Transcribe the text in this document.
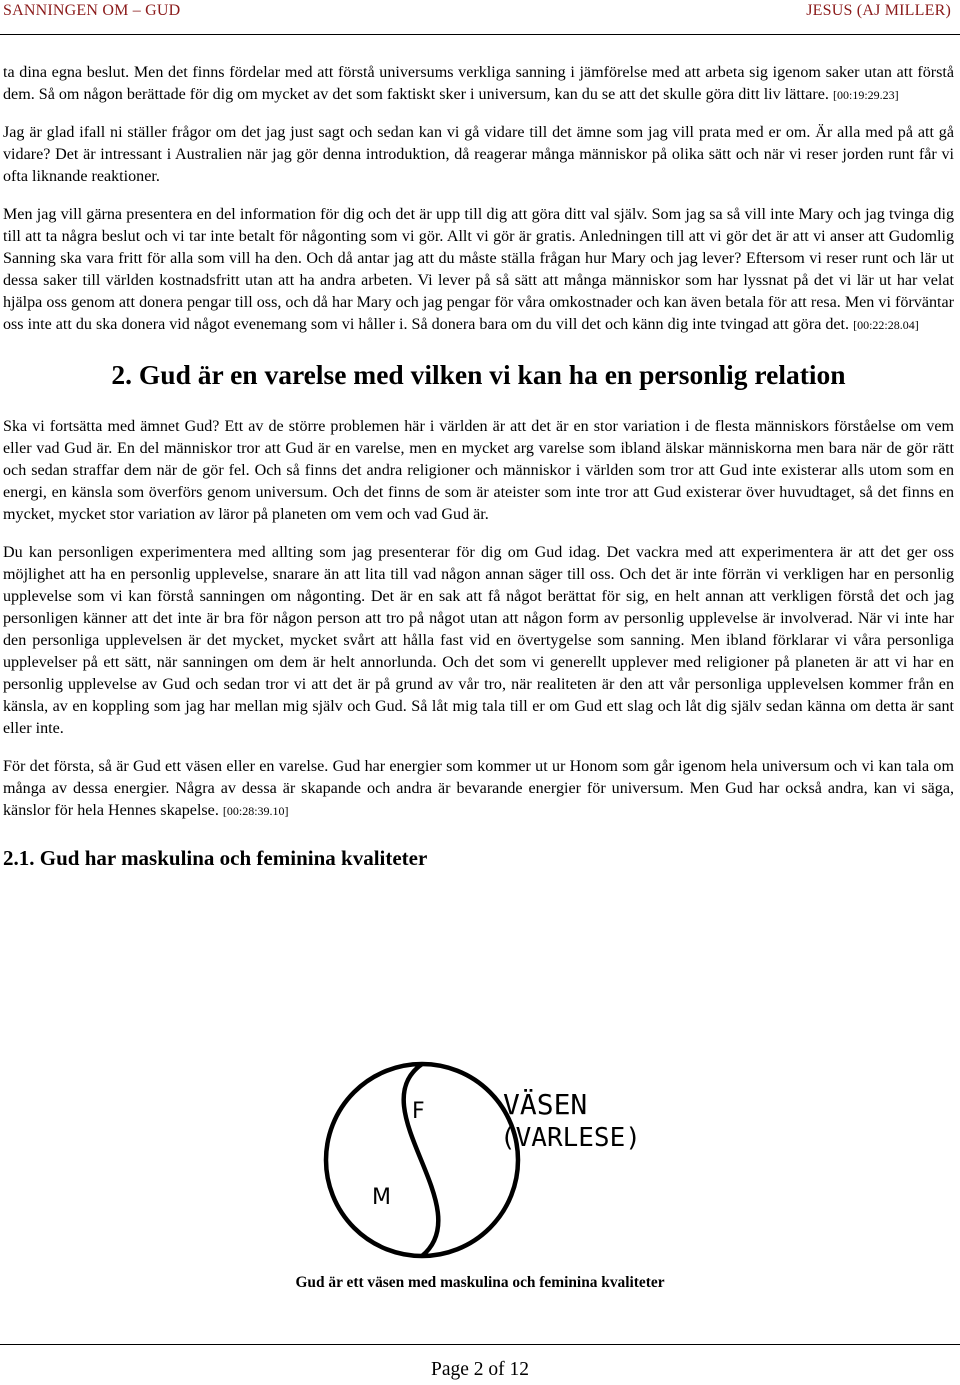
SANNINGEN OM – GUD	JESUS (AJ MILLER)

ta dina egna beslut. Men det finns fördelar med att förstå universums verkliga sanning i jämförelse med att arbeta sig igenom saker utan att förstå dem. Så om någon berättade för dig om mycket av det som faktiskt sker i universum, kan du se att det skulle göra ditt liv lättare. [00:19:29.23]

Jag är glad ifall ni ställer frågor om det jag just sagt och sedan kan vi gå vidare till det ämne som jag vill prata med er om. Är alla med på att gå vidare? Det är intressant i Australien när jag gör denna introduktion, då reagerar många människor på olika sätt och när vi reser jorden runt får vi ofta liknande reaktioner.

Men jag vill gärna presentera en del information för dig och det är upp till dig att göra ditt val själv. Som jag sa så vill inte Mary och jag tvinga dig till att ta några beslut och vi tar inte betalt för någonting som vi gör. Allt vi gör är gratis. Anledningen till att vi gör det är att vi anser att Gudomlig Sanning ska vara fritt för alla som vill ha den. Och då antar jag att du måste ställa frågan hur Mary och jag lever? Eftersom vi reser runt och lär ut dessa saker till världen kostnadsfritt utan att ha andra arbeten. Vi lever på så sätt att många människor som har lyssnat på det vi lär ut har velat hjälpa oss genom att donera pengar till oss, och då har Mary och jag pengar för våra omkostnader och kan även betala för att resa. Men vi förväntar oss inte att du ska donera vid något evenemang som vi håller i. Så donera bara om du vill det och känn dig inte tvingad att göra det. [00:22:28.04]

2. Gud är en varelse med vilken vi kan ha en personlig relation

Ska vi fortsätta med ämnet Gud? Ett av de större problemen här i världen är att det är en stor variation i de flesta människors förståelse om vem eller vad Gud är. En del människor tror att Gud är en varelse, men en mycket arg varelse som ibland älskar människorna men bara när de gör rätt och sedan straffar dem när de gör fel. Och så finns det andra religioner och människor i världen som tror att Gud inte existerar alls utom som en energi, en känsla som överförs genom universum. Och det finns de som är ateister som inte tror att Gud existerar över huvudtaget, så det finns en mycket, mycket stor variation av läror på planeten om vem och vad Gud är.

Du kan personligen experimentera med allting som jag presenterar för dig om Gud idag. Det vackra med att experimentera är att det ger oss möjlighet att ha en personlig upplevelse, snarare än att lita till vad någon annan säger till oss. Och det är inte förrän vi verkligen har en personlig upplevelse som vi kan förstå sanningen om någonting. Det är en sak att få något berättat för sig, en helt annan att verkligen förstå det och jag personligen känner att det inte är bra för någon person att tro på något utan att någon form av personlig upplevelse är involverad. När vi inte har den personliga upplevelsen är det mycket, mycket svårt att hålla fast vid en övertygelse som sanning. Men ibland förklarar vi våra personliga upplevelser på ett sätt, när sanningen om dem är helt annorlunda. Och det som vi generellt upplever med religioner på planeten är att vi har en personlig upplevelse av Gud och sedan tror vi att det är på grund av vår tro, när realiteten är den att vår personliga upplevelsen kommer från en känsla, av en koppling som jag har mellan mig själv och Gud. Så låt mig tala till er om Gud ett slag och låt dig själv sedan känna om detta är sant eller inte.

För det första, så är Gud ett väsen eller en varelse. Gud har energier som kommer ut ur Honom som går igenom hela universum och vi kan tala om många av dessa energier. Några av dessa är skapande och andra är bevarande energier för universum. Men Gud har också andra, kan vi säga, känslor för hela Hennes skapelse. [00:28:39.10]

2.1. Gud har maskulina och feminina kvaliteter
F
M
VÄSEN
(VARLESE)
Gud är ett väsen med maskulina och feminina kvaliteter
Page 2 of 12
